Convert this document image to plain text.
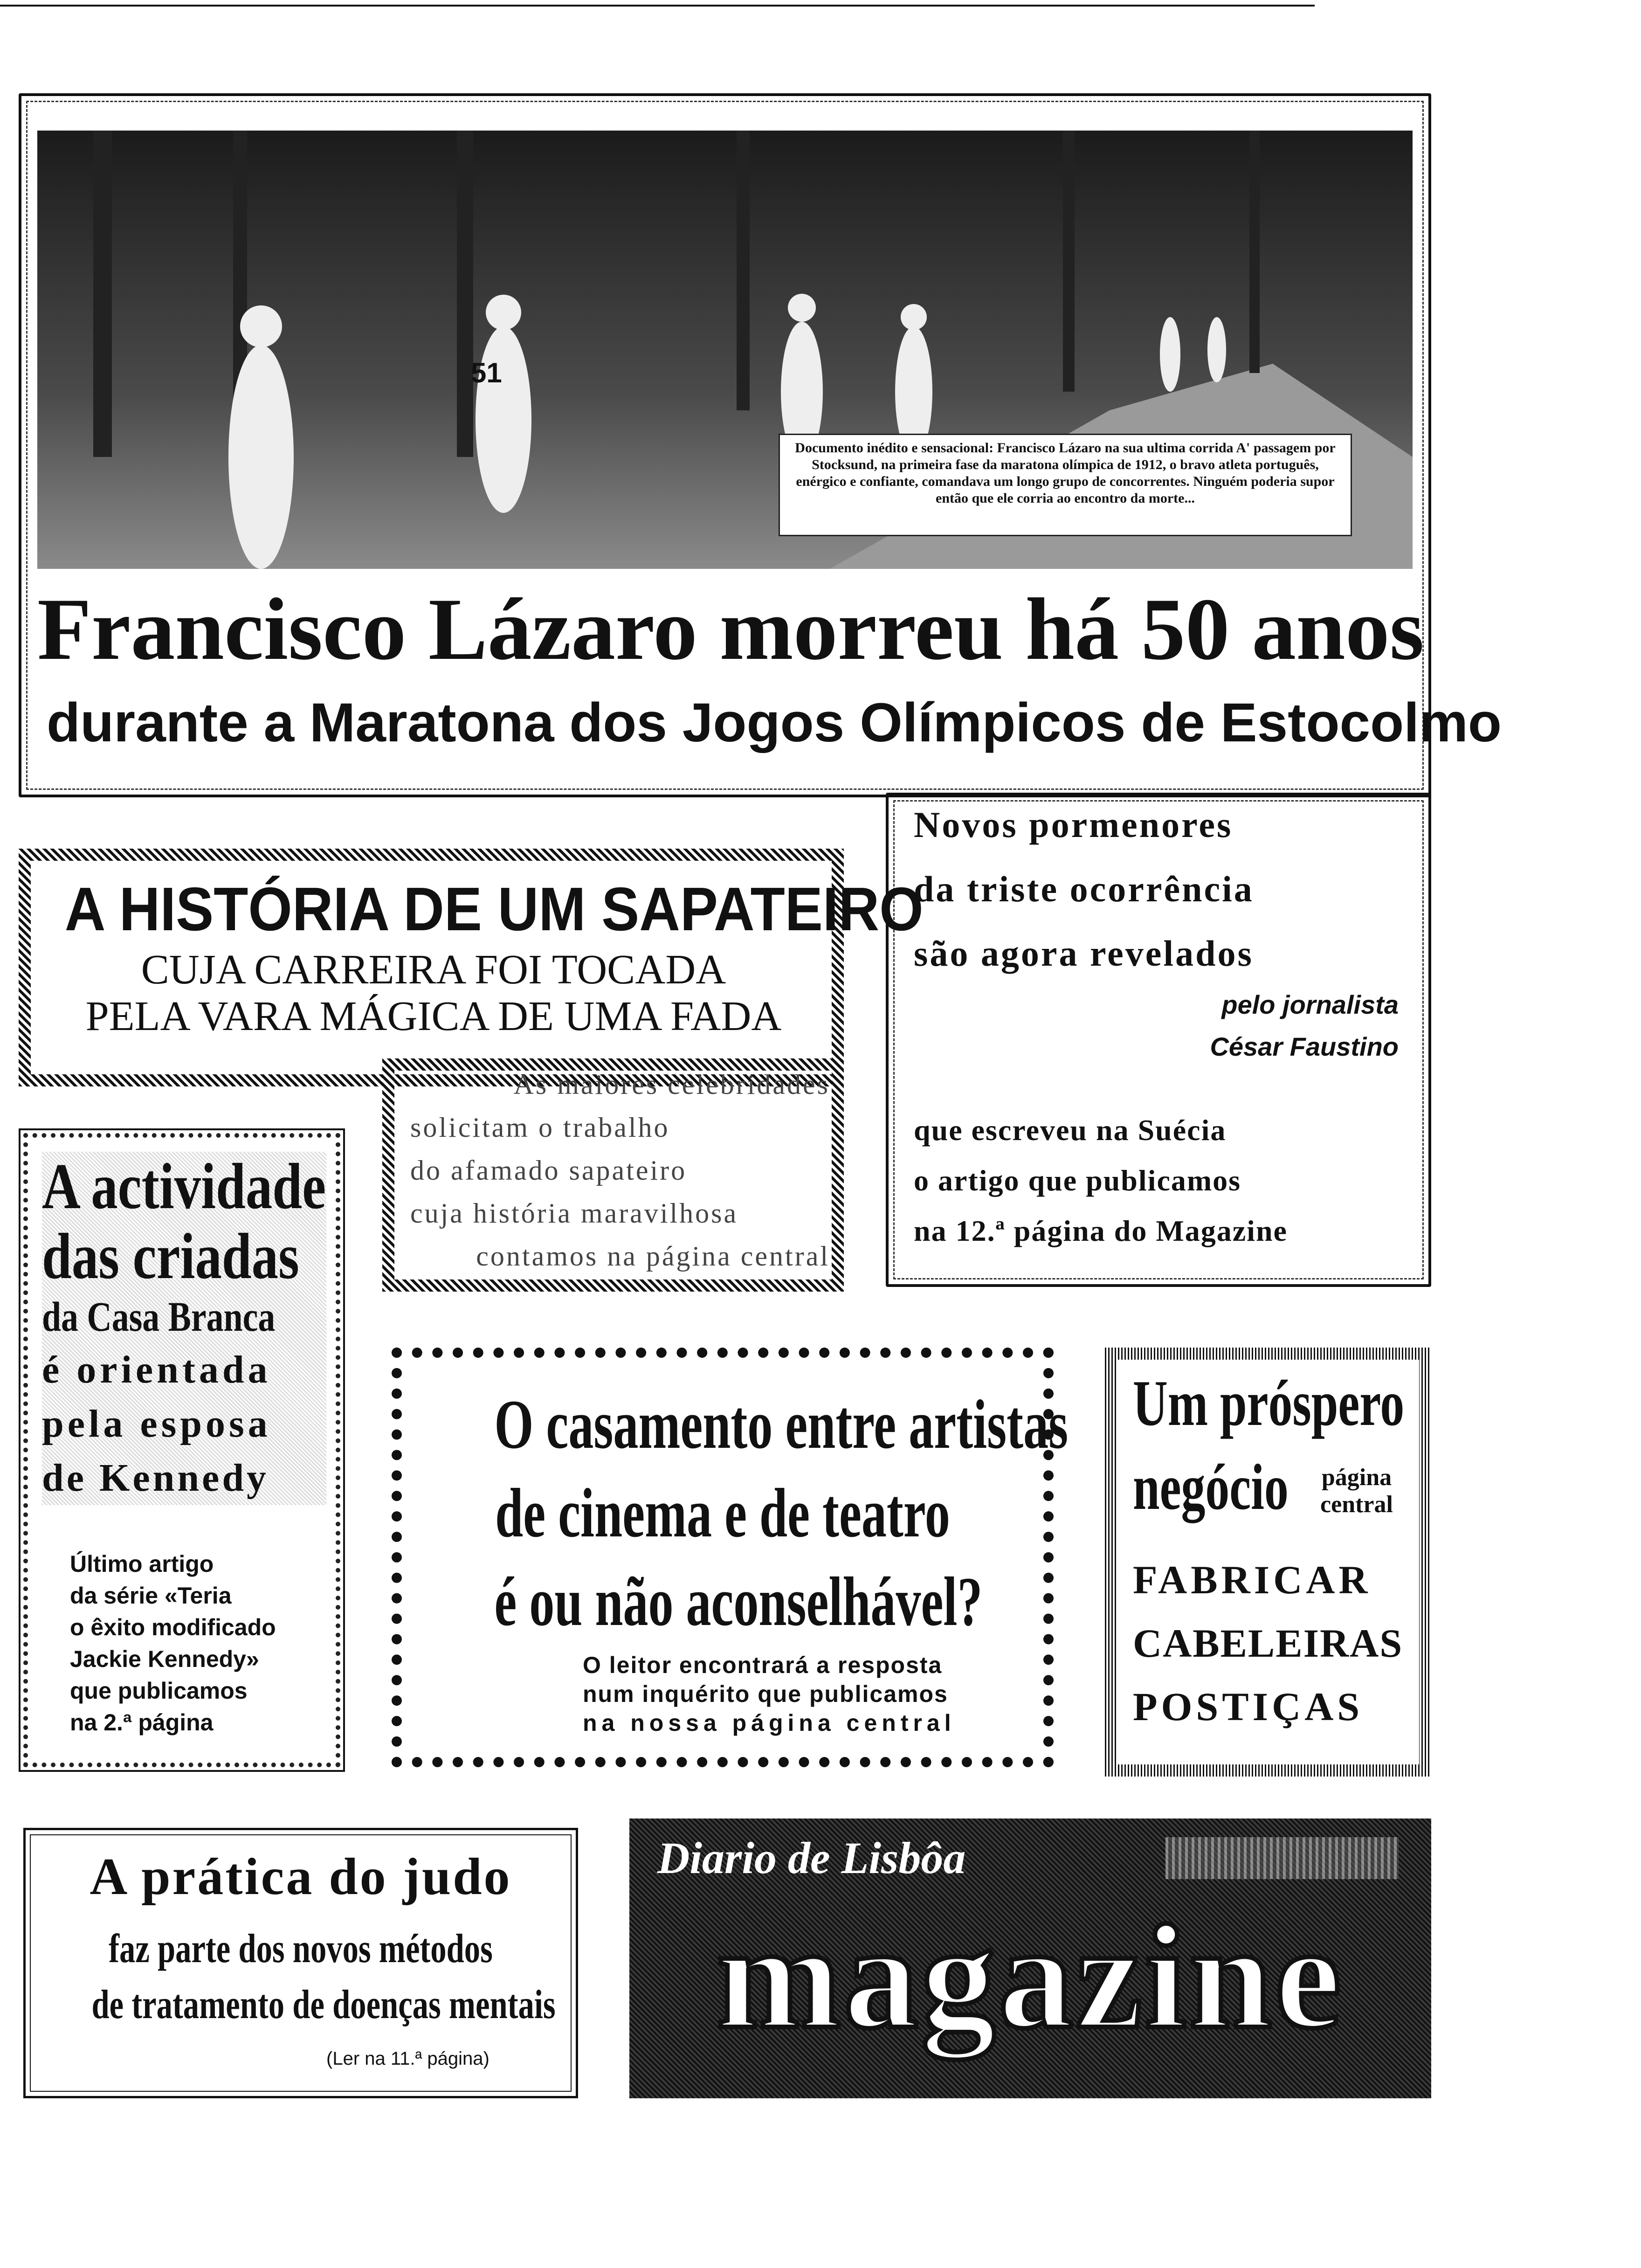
51
Documento inédito e sensacional: Francisco Lázaro na sua ultima corrida A' passagem por Stocksund, na primeira fase da maratona olímpica de 1912, o bravo atleta português, enérgico e confiante, comandava um longo grupo de concorrentes. Ninguém poderia supor então que ele corria ao encontro da morte...
Francisco Lázaro morreu há 50 anos
durante a Maratona dos Jogos Olímpicos de Estocolmo
Novos pormenores
da triste ocorrência
são agora revelados
pelo jornalista
César Faustino
que escreveu na Suécia
o artigo que publicamos
na 12.ª página do Magazine
A HISTÓRIA DE UM SAPATEIRO
CUJA CARREIRA FOI TOCADA
PELA VARA MÁGICA DE UMA FADA
As maiores celebridades
solicitam o trabalho
do afamado sapateiro
cuja história maravilhosa
contamos na página central
A actividade
das criadas
da Casa Branca
é orientada
pela esposa
de Kennedy
Último artigo
da série «Teria
o êxito modificado
Jackie Kennedy»
que publicamos
na 2.ª página
O casamento entre artistas
de cinema e de teatro
é ou não aconselhável?
O leitor encontrará a resposta
num inquérito que publicamos
na nossa página central
Um próspero
negócio	página
central
FABRICAR
CABELEIRAS
POSTIÇAS
A prática do judo
faz parte dos novos métodos
de tratamento de doenças mentais
(Ler na 11.ª página)
Diario de Lisbôa
magazine
